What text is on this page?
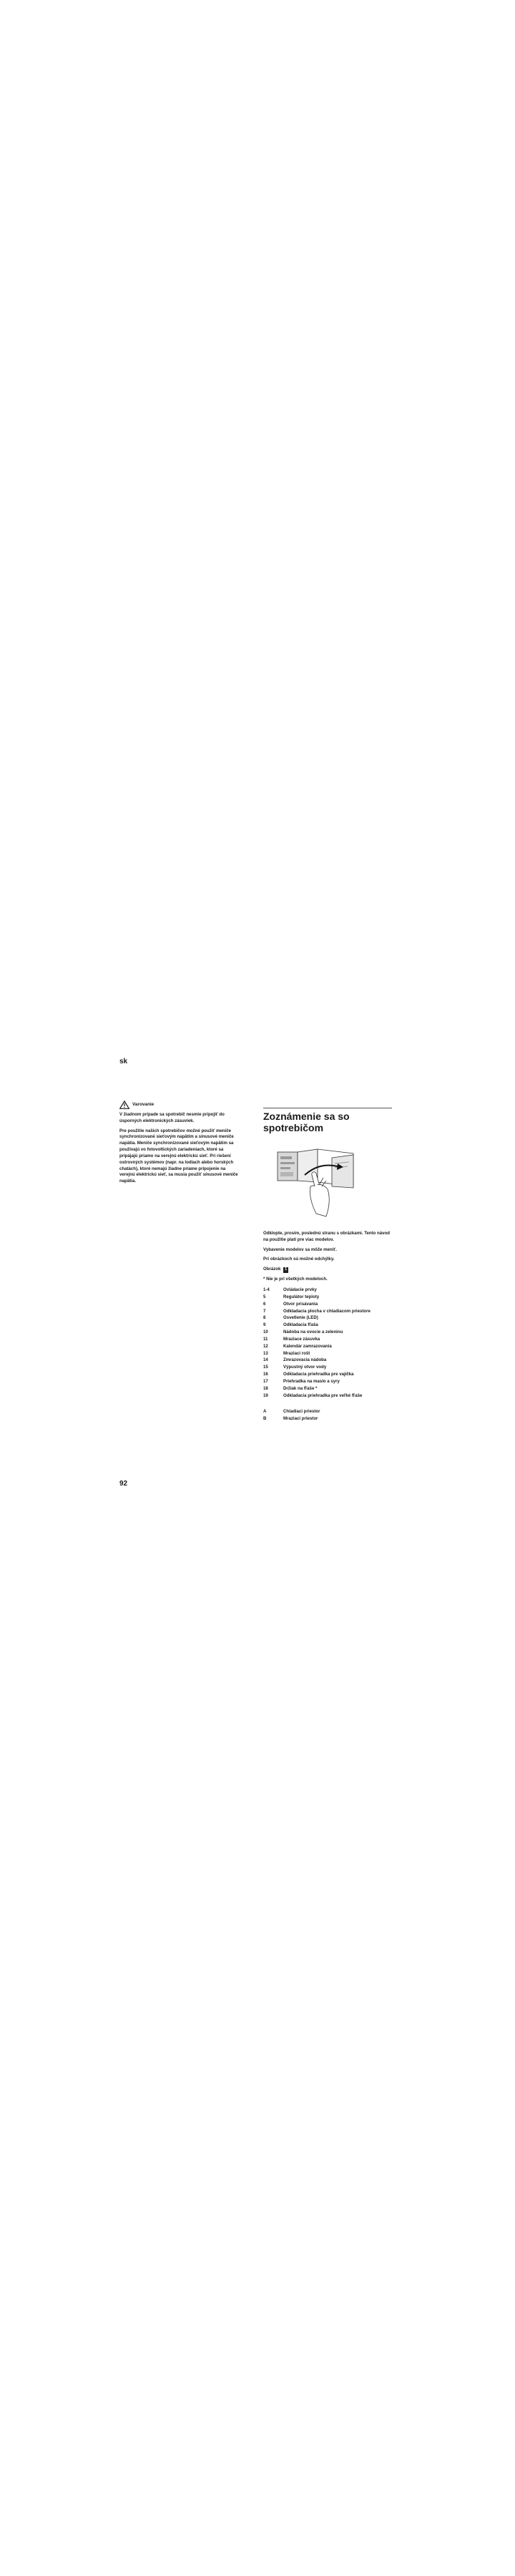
sk
Varovanie

V žiadnom prípade sa spotrebič nesmie pripojiť do úsporných elektronických zásuviek.

Pre použitie našich spotrebičov možné použiť meniče synchronizované sieťovým napätím a sínusové meniče napätia. Meniče synchronizované sieťovým napätím sa používajú vo fotovoltických zariadeniach, ktoré sa pripájajú priamo na verejnú elektrickú sieť. Pri riešení ostrovných systémov (napr. na lodiach alebo horských chatách), ktoré nemajú žiadne priame pripojenie na verejnú elektrickú sieť, sa musia použiť sínusové meniče napätia.

Zoznámenie sa so spotrebičom

Odklopte, prosím, poslednú stranu s obrázkami. Tento návod na použitie platí pre viac modelov.

Vybavenie modelov sa môže meniť.

Pri obrázkoch sú možné odchýlky.

Obrázok 1

* Nie je pri všetkých modeloch.

1-4	Ovládacie prvky
5	Regulátor teploty
6	Otvor prisávania
7	Odkladacia plocha v chladiacom priestore
8	Osvetlenie (LED)
9	Odkladacia fľaša
10	Nádoba na ovocie a zeleninu
11	Mraziace zásuvka
12	Kalendár zamrazovania
13	Mraziaci rošt
14	Zmrazovacia nádoba
15	Výpustný otvor vody
16	Odkladacia priehradka pre vajíčka
17	Priehradka na maslo a syry
18	Držiak na fľaše *
19	Odkladacia priehradka pre veľké fľaše
A	Chladiaci priestor
B	Mraziaci priestor
92
